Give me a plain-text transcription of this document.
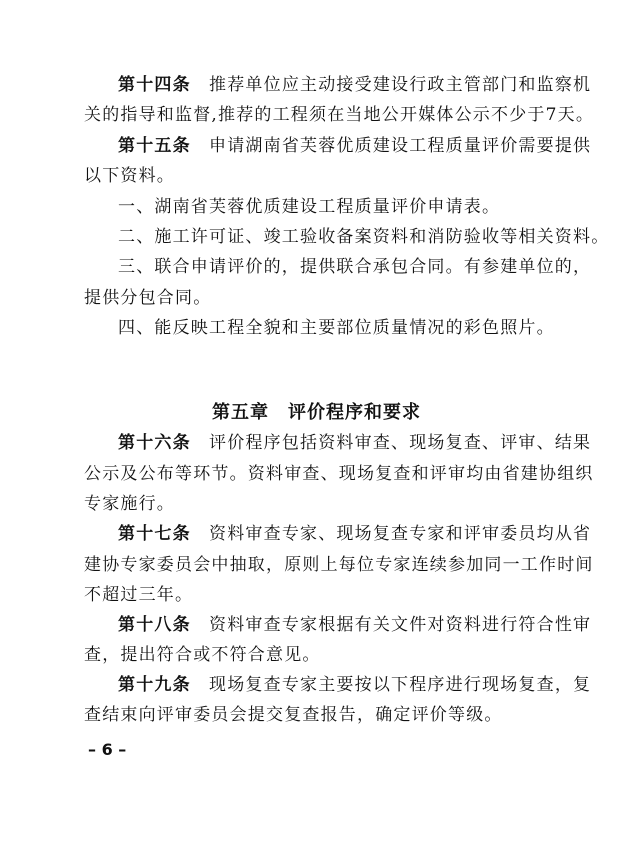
第十四条　 推荐单位应主动接受建设行政主管部门和监察机
关的指导和监督,推荐的工程须在当地公开媒体公示不少于7天。
第十五条　 申请湖南省芙蓉优质建设工程质量评价需要提供
以下资料。
一、湖南省芙蓉优质建设工程质量评价申请表。
二、施工许可证、竣工验收备案资料和消防验收等相关资料。
三、联合申请评价的，提供联合承包合同。有参建单位的，
提供分包合同。
四、能反映工程全貌和主要部位质量情况的彩色照片。
第五章　评价程序和要求
第十六条　 评价程序包括资料审查、现场复查、评审、结果
公示及公布等环节。资料审查、现场复查和评审均由省建协组织
专家施行。
第十七条　 资料审查专家、现场复查专家和评审委员均从省
建协专家委员会中抽取，原则上每位专家连续参加同一工作时间
不超过三年。
第十八条　 资料审查专家根据有关文件对资料进行符合性审
查，提出符合或不符合意见。
第十九条　 现场复查专家主要按以下程序进行现场复查，复
查结束向评审委员会提交复查报告，确定评价等级。
– 6 –
